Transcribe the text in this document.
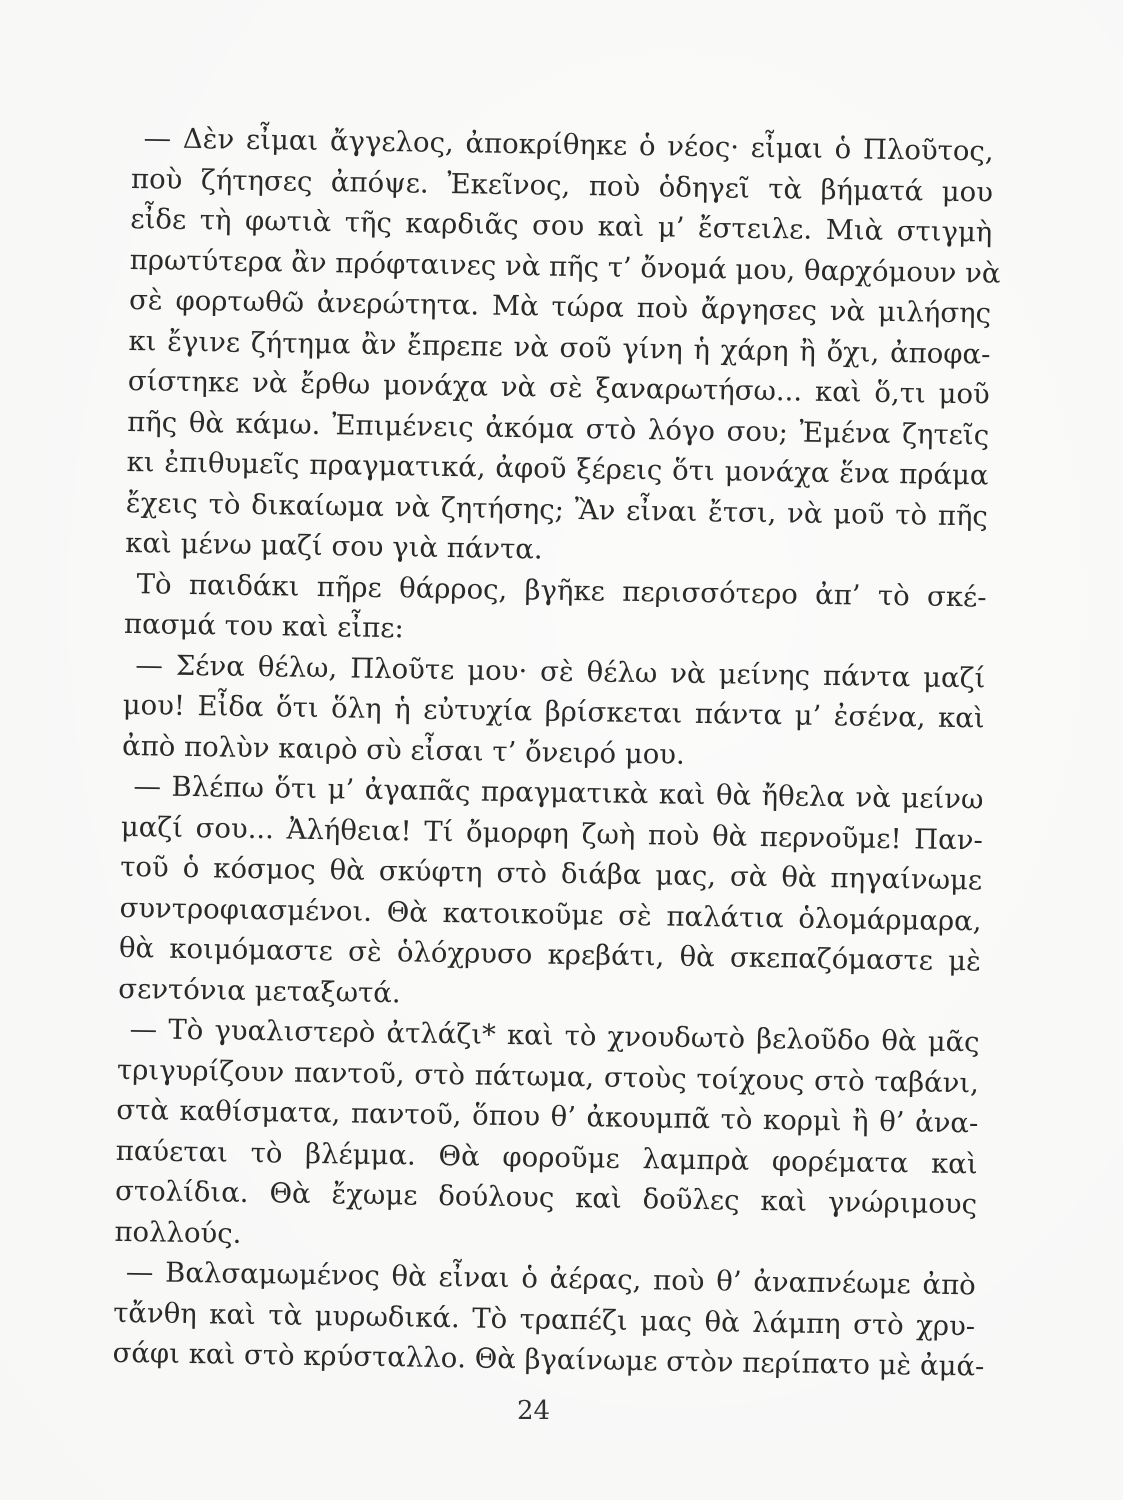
— Δὲν εἶμαι ἄγγελος, ἀποκρίθηκε ὁ νέος· εἶμαι ὁ Πλοῦτος,
ποὺ ζήτησες ἀπόψε. Ἐκεῖνος, ποὺ ὁδηγεῖ τὰ βήματά μου
εἶδε τὴ φωτιὰ τῆς καρδιᾶς σου καὶ μ’ ἔστειλε. Μιὰ στιγμὴ
πρωτύτερα ἂν πρόφταινες νὰ πῆς τ’ ὄνομά μου, θαρχόμουν νὰ
σὲ φορτωθῶ ἀνερώτητα. Μὰ τώρα ποὺ ἄργησες νὰ μιλήσης
κι ἔγινε ζήτημα ἂν ἔπρεπε νὰ σοῦ γίνη ἡ χάρη ἢ ὄχι, ἀποφα-
σίστηκε νὰ ἔρθω μονάχα νὰ σὲ ξαναρωτήσω... καὶ ὅ,τι μοῦ
πῆς θὰ κάμω. Ἐπιμένεις ἀκόμα στὸ λόγο σου; Ἐμένα ζητεῖς
κι ἐπιθυμεῖς πραγματικά, ἀφοῦ ξέρεις ὅτι μονάχα ἕνα πράμα
ἔχεις τὸ δικαίωμα νὰ ζητήσης; Ἂν εἶναι ἔτσι, νὰ μοῦ τὸ πῆς
καὶ μένω μαζί σου γιὰ πάντα.
Τὸ παιδάκι πῆρε θάρρος, βγῆκε περισσότερο ἀπ’ τὸ σκέ-
πασμά του καὶ εἶπε:
— Σένα θέλω, Πλοῦτε μου· σὲ θέλω νὰ μείνης πάντα μαζί
μου! Εἶδα ὅτι ὅλη ἡ εὐτυχία βρίσκεται πάντα μ’ ἐσένα, καὶ
ἀπὸ πολὺν καιρὸ σὺ εἶσαι τ’ ὄνειρό μου.
— Βλέπω ὅτι μ’ ἀγαπᾶς πραγματικὰ καὶ θὰ ἤθελα νὰ μείνω
μαζί σου... Ἀλήθεια! Τί ὄμορφη ζωὴ ποὺ θὰ περνοῦμε! Παν-
τοῦ ὁ κόσμος θὰ σκύφτη στὸ διάβα μας, σὰ θὰ πηγαίνωμε
συντροφιασμένοι. Θὰ κατοικοῦμε σὲ παλάτια ὁλομάρμαρα,
θὰ κοιμόμαστε σὲ ὁλόχρυσο κρεβάτι, θὰ σκεπαζόμαστε μὲ
σεντόνια μεταξωτά.
— Τὸ γυαλιστερὸ ἀτλάζι* καὶ τὸ χνουδωτὸ βελοῦδο θὰ μᾶς
τριγυρίζουν παντοῦ, στὸ πάτωμα, στοὺς τοίχους στὸ ταβάνι,
στὰ καθίσματα, παντοῦ, ὅπου θ’ ἀκουμπᾶ τὸ κορμὶ ἢ θ’ ἀνα-
παύεται τὸ βλέμμα. Θὰ φοροῦμε λαμπρὰ φορέματα καὶ
στολίδια. Θὰ ἔχωμε δούλους καὶ δοῦλες καὶ γνώριμους
πολλούς.
— Βαλσαμωμένος θὰ εἶναι ὁ ἀέρας, ποὺ θ’ ἀναπνέωμε ἀπὸ
τἄνθη καὶ τὰ μυρωδικά. Τὸ τραπέζι μας θὰ λάμπη στὸ χρυ-
σάφι καὶ στὸ κρύσταλλο. Θὰ βγαίνωμε στὸν περίπατο μὲ ἀμά-
24
